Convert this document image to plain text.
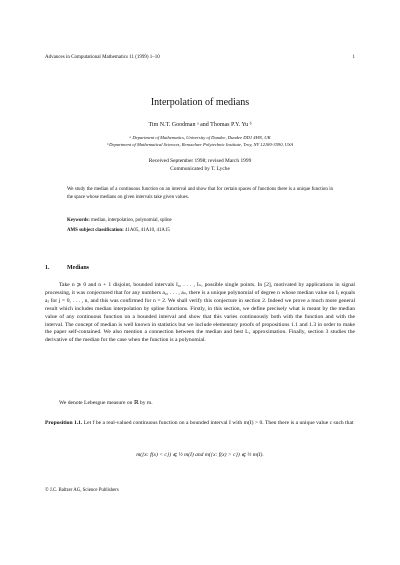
Advances in Computational Mathematics 11 (1999) 1–10	1
Interpolation of medians
Tim N.T. Goodman ᵃ and Thomas P.Y. Yu ᵇ
ᵃ Department of Mathematics, University of Dundee, Dundee DD1 4HN, UK
ᵇ Department of Mathematical Sciences, Rensselaer Polytechnic Institute, Troy, NY 12180-3590, USA
Received September 1998; revised March 1999
Communicated by T. Lyche
We study the median of a continuous function on an interval and show that for certain spaces of functions there is a unique function in the space whose medians on given intervals take given values.
Keywords: median, interpolation, polynomial, spline
AMS subject classification: 41A05, 41A10, 41A15
1.	Medians

Take n ⩾ 0 and n + 1 disjoint, bounded intervals I₀, . . . , Iₙ, possible single points. In [2], motivated by applications in signal processing, it was conjectured that for any numbers a₀, . . . , aₙ, there is a unique polynomial of degree n whose median value on Iⱼ equals aⱼ for j = 0, . . . , n, and this was confirmed for n = 2. We shall verify this conjecture in section 2. Indeed we prove a much more general result which includes median interpolation by spline functions. Firstly, in this section, we define precisely what is meant by the median value of any continuous function on a bounded interval and show that this varies continuously both with the function and with the interval. The concept of median is well known in statistics but we include elementary proofs of propositions 1.1 and 1.3 in order to make the paper self-contained. We also mention a connection between the median and best L₁ approximation. Finally, section 3 studies the derivative of the median for the case when the function is a polynomial.

We denote Lebesgue measure on ℝ by m.

Proposition 1.1. Let f be a real-valued continuous function on a bounded interval I with m(I) > 0. Then there is a unique value c such that

m({x: f(x) < c}) ⩽ ½ m(I) and m({x: f(x) > c}) ⩽ ½ m(I).
© J.C. Baltzer AG, Science Publishers
